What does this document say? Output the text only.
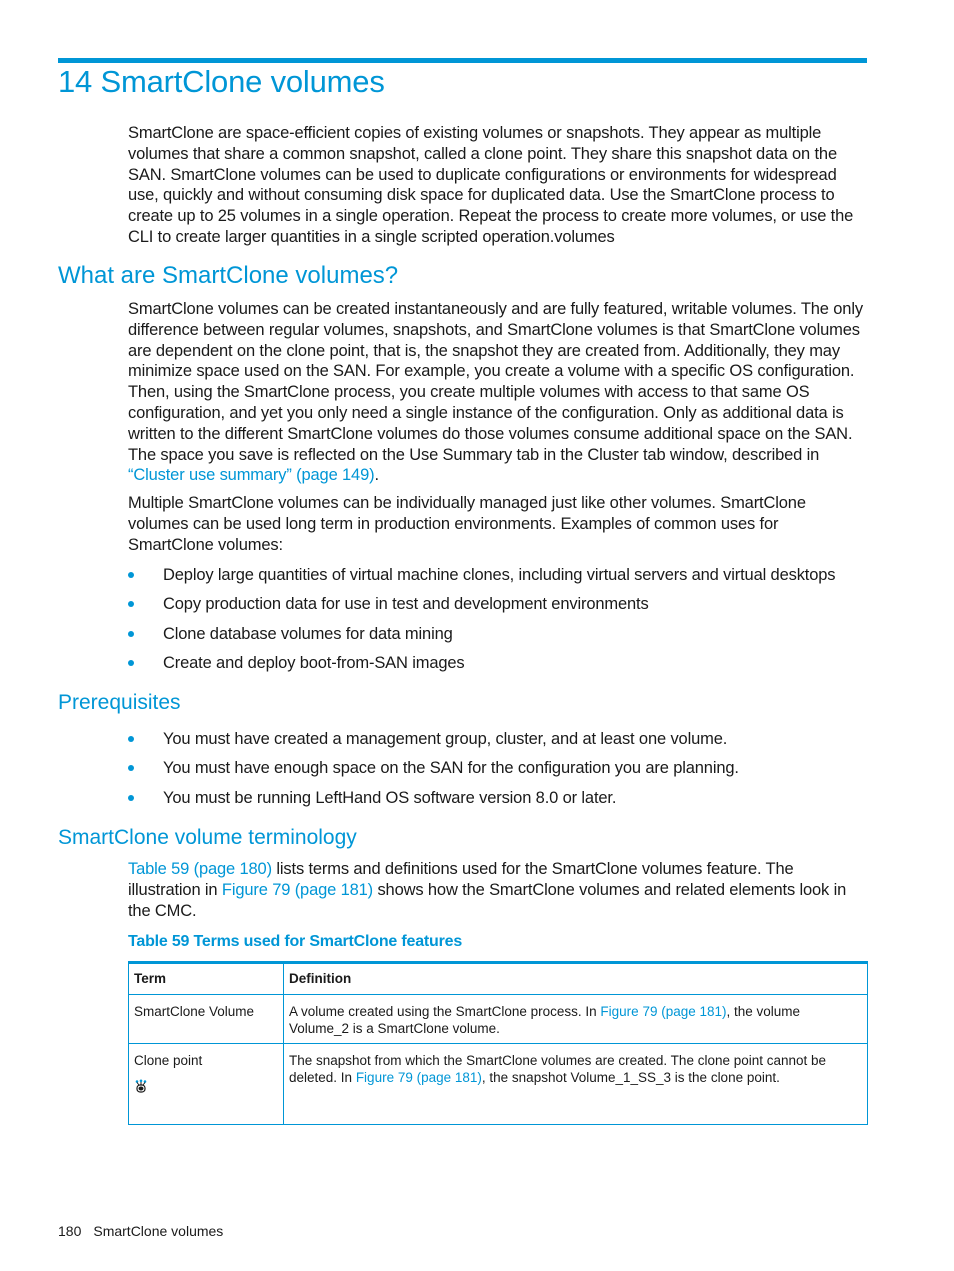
14 SmartClone volumes

SmartClone are space-efficient copies of existing volumes or snapshots. They appear as multiple volumes that share a common snapshot, called a clone point. They share this snapshot data on the SAN. SmartClone volumes can be used to duplicate configurations or environments for widespread use, quickly and without consuming disk space for duplicated data. Use the SmartClone process to create up to 25 volumes in a single operation. Repeat the process to create more volumes, or use the CLI to create larger quantities in a single scripted operation.volumes

What are SmartClone volumes?

SmartClone volumes can be created instantaneously and are fully featured, writable volumes. The only difference between regular volumes, snapshots, and SmartClone volumes is that SmartClone volumes are dependent on the clone point, that is, the snapshot they are created from. Additionally, they may minimize space used on the SAN. For example, you create a volume with a specific OS configuration. Then, using the SmartClone process, you create multiple volumes with access to that same OS configuration, and yet you only need a single instance of the configuration. Only as additional data is written to the different SmartClone volumes do those volumes consume additional space on the SAN. The space you save is reflected on the Use Summary tab in the Cluster tab window, described in “Cluster use summary” (page 149).

Multiple SmartClone volumes can be individually managed just like other volumes. SmartClone volumes can be used long term in production environments. Examples of common uses for SmartClone volumes:

Deploy large quantities of virtual machine clones, including virtual servers and virtual desktops
Copy production data for use in test and development environments
Clone database volumes for data mining
Create and deploy boot-from-SAN images
Prerequisites
You must have created a management group, cluster, and at least one volume.
You must have enough space on the SAN for the configuration you are planning.
You must be running LeftHand OS software version 8.0 or later.
SmartClone volume terminology

Table 59 (page 180) lists terms and definitions used for the SmartClone volumes feature. The illustration in Figure 79 (page 181) shows how the SmartClone volumes and related elements look in the CMC.

Table 59 Terms used for SmartClone features

Term	Definition
SmartClone Volume	A volume created using the SmartClone process. In Figure 79 (page 181), the volume Volume_2 is a SmartClone volume.
Clone point	The snapshot from which the SmartClone volumes are created. The clone point cannot be deleted. In Figure 79 (page 181), the snapshot Volume_1_SS_3 is the clone point.
180 SmartClone volumes
